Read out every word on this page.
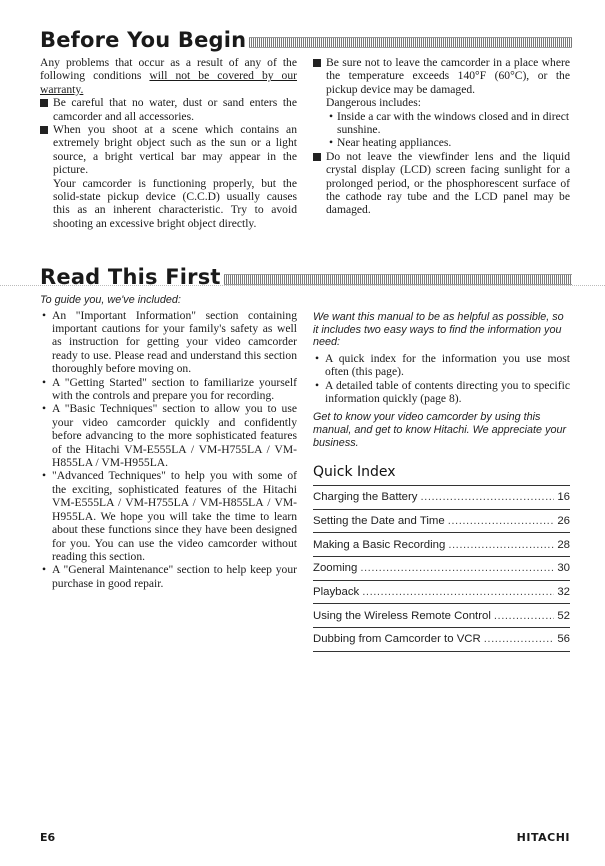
Before You Begin

Any problems that occur as a result of any of the following conditions will not be covered by our warranty.

Be careful that no water, dust or sand enters the camcorder and all accessories.

When you shoot at a scene which contains an extremely bright object such as the sun or a light source, a bright vertical bar may appear in the picture.

Your camcorder is functioning properly, but the solid-state pickup device (C.C.D) usually causes this as an inherent characteristic. Try to avoid shooting an excessive bright object directly.

Be sure not to leave the camcorder in a place where the temperature exceeds 140°F (60°C), or the pickup device may be damaged.

Dangerous includes:

• Inside a car with the windows closed and in direct sunshine.

• Near heating appliances.

Do not leave the viewfinder lens and the liquid crystal display (LCD) screen facing sunlight for a prolonged period, or the phosphorescent surface of the cathode ray tube and the LCD panel may be damaged.

Read This First

To guide you, we've included:

• An "Important Information" section containing important cautions for your family's safety as well as instruction for getting your video camcorder ready to use. Please read and understand this section thoroughly before moving on.

• A "Getting Started" section to familiarize yourself with the controls and prepare you for recording.

• A "Basic Techniques" section to allow you to use your video camcorder quickly and confidently before advancing to the more sophisticated features of the Hitachi VM-E555LA / VM-H755LA / VM-H855LA / VM-H955LA.

• "Advanced Techniques" to help you with some of the exciting, sophisticated features of the Hitachi VM-E555LA / VM-H755LA / VM-H855LA / VM-H955LA. We hope you will take the time to learn about these functions since they have been designed for you. You can use the video camcorder without reading this section.

• A "General Maintenance" section to help keep your purchase in good repair.

We want this manual to be as helpful as possible, so it includes two easy ways to find the information you need:

• A quick index for the information you use most often (this page).

• A detailed table of contents directing you to specific information quickly (page 8).

Get to know your video camcorder by using this manual, and get to know Hitachi. We appreciate your business.

Quick Index
Charging the Battery .....	16
Setting the Date and Time .....	26
Making a Basic Recording .....	28
Zooming .....	30
Playback .....	32
Using the Wireless Remote Control .....	52
Dubbing from Camcorder to VCR .....	56
E6	HITACHI
